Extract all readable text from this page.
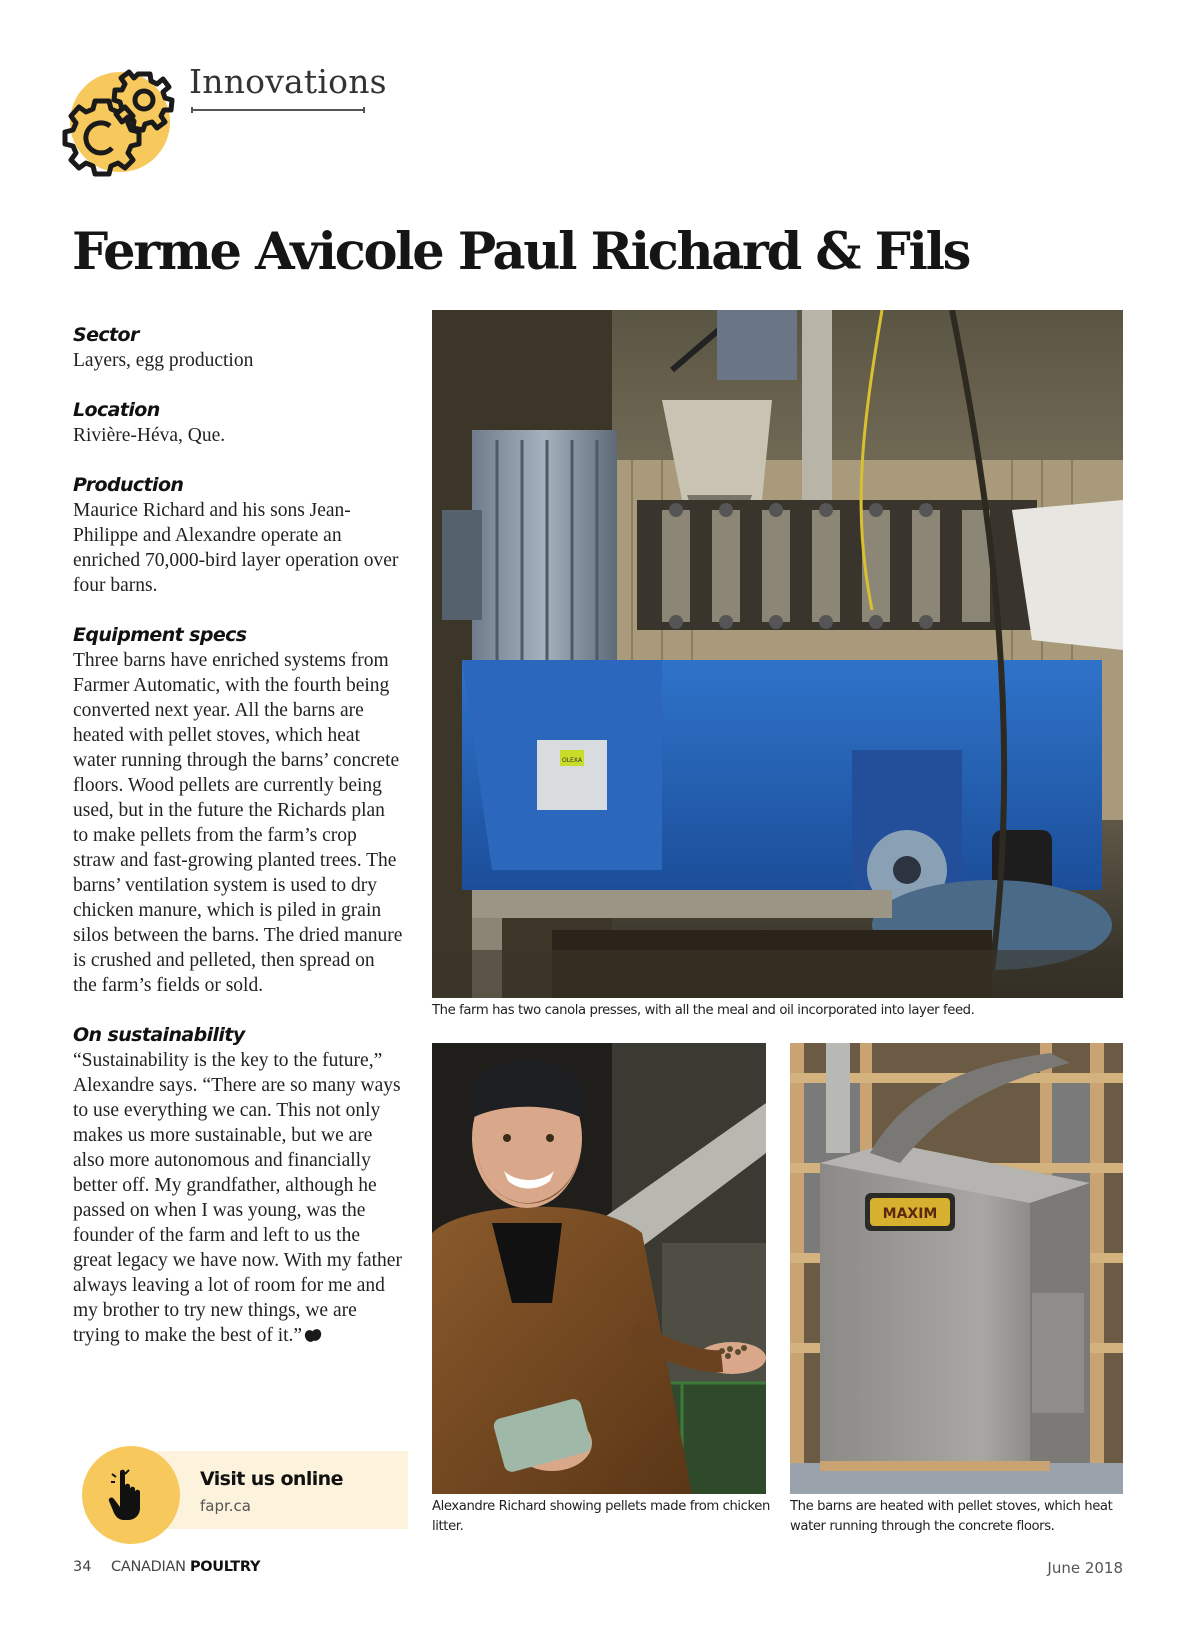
Innovations
Ferme Avicole Paul Richard & Fils
Sector
Layers, egg production
Location
Rivière-Héva, Que.
Production
Maurice Richard and his sons Jean-Philippe and Alexandre operate an enriched 70,000-bird layer operation over four barns.
Equipment specs
Three barns have enriched systems from Farmer Automatic, with the fourth being converted next year. All the barns are heated with pellet stoves, which heat water running through the barns’ concrete floors. Wood pellets are currently being used, but in the future the Richards plan to make pellets from the farm’s crop straw and fast-growing planted trees. The barns’ ventilation system is used to dry chicken manure, which is piled in grain silos between the barns. The dried manure is crushed and pelleted, then spread on the farm’s fields or sold.
On sustainability
“Sustainability is the key to the future,” Alexandre says. “There are so many ways to use everything we can. This not only makes us more sustainable, but we are also more autonomous and financially better off. My grandfather, although he passed on when I was young, was the founder of the farm and left to us the great legacy we have now. With my father always leaving a lot of room for me and my brother to try new things, we are trying to make the best of it.”
Visit us online
fapr.ca
OLEXA
The farm has two canola presses, with all the meal and oil incorporated into layer feed.
Alexandre Richard showing pellets made from chicken litter.
MAXIM
The barns are heated with pellet stoves, which heat water running through the concrete floors.
34 CANADIAN POULTRY	June 2018
